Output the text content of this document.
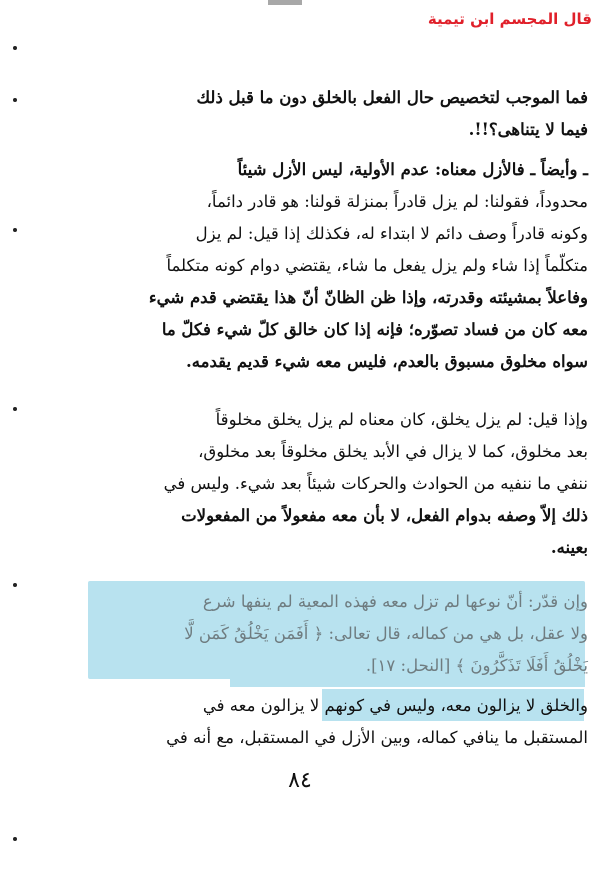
قال المجسم ابن تيمية
فما الموجب لتخصيص حال الفعل بالخلق دون ما قبل ذلك
فيما لا يتناهى؟!!.
ـ وأيضاً ـ فالأزل معناه: عدم الأولية، ليس الأزل شيئاً
محدوداً، فقولنا: لم يزل قادراً بمنزلة قولنا: هو قادر دائماً،
وكونه قادراً وصف دائم لا ابتداء له، فكذلك إذا قيل: لم يزل
متكلّماً إذا شاء ولم يزل يفعل ما شاء، يقتضي دوام كونه متكلماً
وفاعلاً بمشيئته وقدرته، وإذا ظن الظانّ أنّ هذا يقتضي قدم شيء
معه كان من فساد تصوّره؛ فإنه إذا كان خالق كلّ شيء فكلّ ما
سواه مخلوق مسبوق بالعدم، فليس معه شيء قديم يقدمه.
وإذا قيل: لم يزل يخلق، كان معناه لم يزل يخلق مخلوقاً
بعد مخلوق، كما لا يزال في الأبد يخلق مخلوقاً بعد مخلوق،
ننفي ما ننفيه من الحوادث والحركات شيئاً بعد شيء. وليس في
ذلك إلاّ وصفه بدوام الفعل، لا بأن معه مفعولاً من المفعولات
بعينه.
وإن قدّر: أنّ نوعها لم تزل معه فهذه المعية لم ينفها شرع
ولا عقل، بل هي من كماله، قال تعالى: ﴿ أَفَمَن يَخْلُقُ كَمَن لَّا
يَخْلُقُ أَفَلَا تَذَكَّرُونَ ﴾ [النحل: ١٧].
والخلق لا يزالون معه، وليس في كونهم لا يزالون معه في
المستقبل ما ينافي كماله، وبين الأزل في المستقبل، مع أنه في
٨٤
